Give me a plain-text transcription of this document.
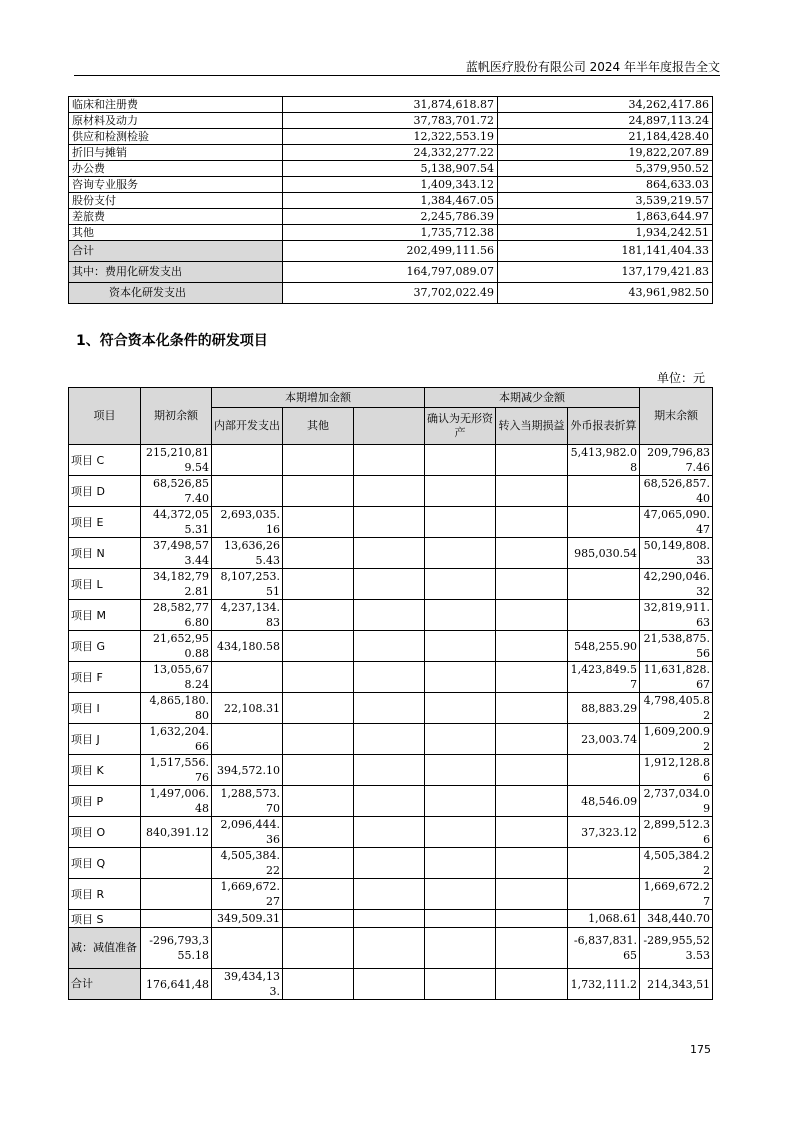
蓝帆医疗股份有限公司 2024 年半年度报告全文
临床和注册费	31,874,618.87	34,262,417.86
原材料及动力	37,783,701.72	24,897,113.24
供应和检测检验	12,322,553.19	21,184,428.40
折旧与摊销	24,332,277.22	19,822,207.89
办公费	5,138,907.54	5,379,950.52
咨询专业服务	1,409,343.12	864,633.03
股份支付	1,384,467.05	3,539,219.57
差旅费	2,245,786.39	1,863,644.97
其他	1,735,712.38	1,934,242.51
合计	202,499,111.56	181,141,404.33
其中：费用化研发支出	164,797,089.07	137,179,421.83
资本化研发支出	37,702,022.49	43,961,982.50
1、符合资本化条件的研发项目
单位：元
项目	期初余额	本期增加金额			本期减少金额			期末余额
		内部开发支出	其他		确认为无形资产	转入当期损益	外币报表折算	
项目 C	215,210,819.54						5,413,982.08	209,796,837.46
项目 D	68,526,857.40							68,526,857.40
项目 E	44,372,055.31	2,693,035.16						47,065,090.47
项目 N	37,498,573.44	13,636,265.43					985,030.54	50,149,808.33
项目 L	34,182,792.81	8,107,253.51						42,290,046.32
项目 M	28,582,776.80	4,237,134.83						32,819,911.63
项目 G	21,652,950.88	434,180.58					548,255.90	21,538,875.56
项目 F	13,055,678.24						1,423,849.57	11,631,828.67
项目 I	4,865,180.80	22,108.31					88,883.29	4,798,405.82
项目 J	1,632,204.66						23,003.74	1,609,200.92
项目 K	1,517,556.76	394,572.10						1,912,128.86
项目 P	1,497,006.48	1,288,573.70					48,546.09	2,737,034.09
项目 O	840,391.12	2,096,444.36					37,323.12	2,899,512.36
项目 Q		4,505,384.22						4,505,384.22
项目 R		1,669,672.27						1,669,672.27
项目 S		349,509.31					1,068.61	348,440.70
减：减值准备	-296,793,355.18						-6,837,831.65	-289,955,523.53
合计	176,641,48	39,434,133.					1,732,111.2	214,343,51
175
